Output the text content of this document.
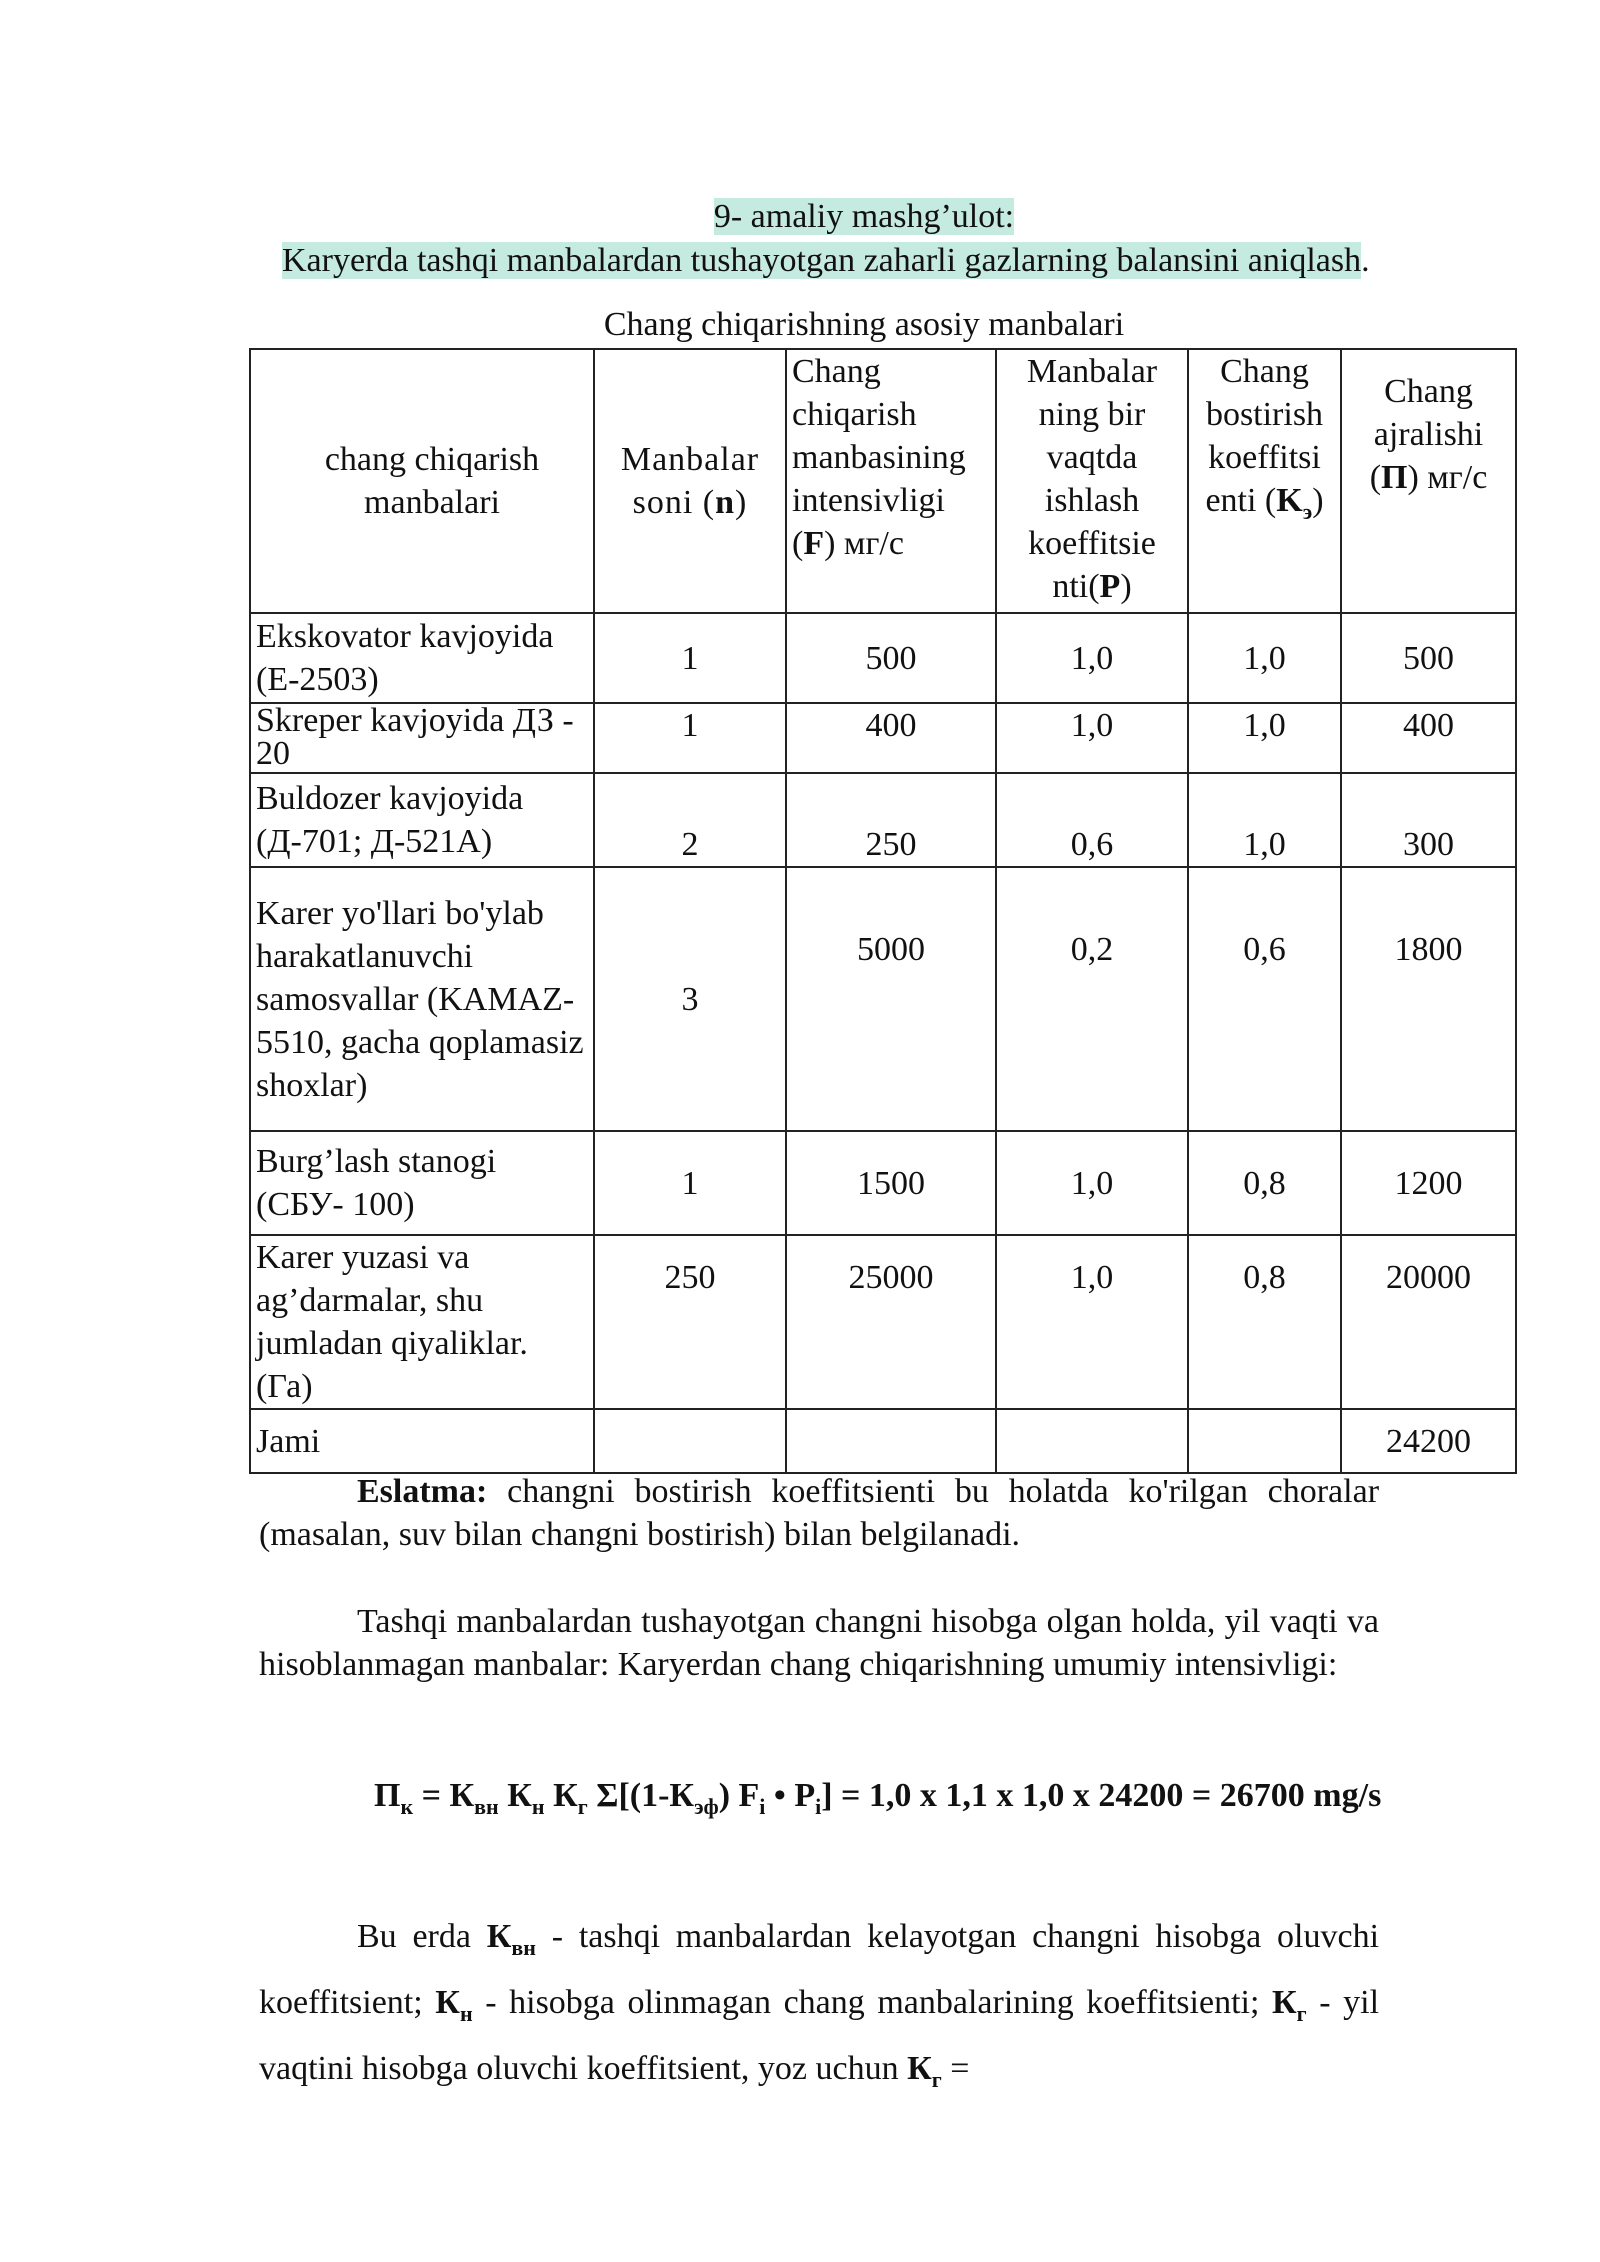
9- amaliy mashg’ulot:
Karyerda tashqi manbalardan tushayotgan zaharli gazlarning balansini aniqlash.
Chang chiqarishning asosiy manbalari
chang chiqarish manbalari	Manbalar soni (n)	Chang chiqarish manbasining intensivligi (F) мг/с	Manbalar ning bir vaqtda ishlash koeffitsie nti(P)	Chang bostirish koeffitsi enti $(K_э)$	Chang ajralishi (П) мг/с
Ekskovator kavjoyida (E-2503)	1	500	1,0	1,0	500
Skreper kavjoyida ДЗ - 20	1	400	1,0	1,0	400
Buldozer kavjoyida (Д-701; Д-521А)	2	250	0,6	1,0	300
Karer yo'llari bo'ylab harakatlanuvchi samosvallar (KAMAZ-5510, gacha qoplamasiz shoxlar)	3	5000	0,2	0,6	1800
Burg’lash stanogi (СБУ- 100)	1	1500	1,0	0,8	1200
Karer yuzasi va ag’darmalar, shu jumladan qiyaliklar. (Га)	250	25000	1,0	0,8	20000
Jami					24200
Eslatma: changni bostirish koeffitsienti bu holatda ko'rilgan choralar (masalan, suv bilan changni bostirish) bilan belgilanadi.
Tashqi manbalardan tushayotgan changni hisobga olgan holda, yil vaqti va hisoblanmagan manbalar: Karyerdan chang chiqarishning umumiy intensivligi:
$П_к = К_{вн}$ $К_н$ $К_г$ $\Sigma[(1-К_{эф})$ $F_i$ • $P_i] = 1,0$ x 1,1 x 1,0 x 24200 = 26700 mg/s
Bu erda $К_{вн}$ - tashqi manbalardan kelayotgan changni hisobga oluvchi koeffitsient; $К_н$ - hisobga olinmagan chang manbalarining koeffitsienti; $К_г$ - yil vaqtini hisobga oluvchi koeffitsient, yoz uchun $К_г$ =
